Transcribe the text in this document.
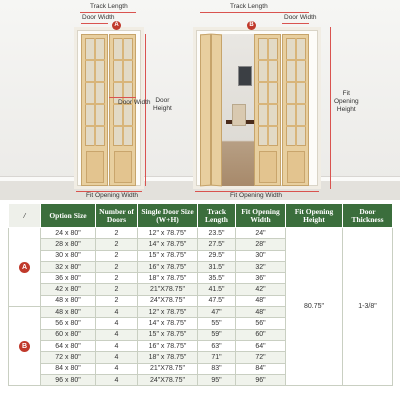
Track Length
Door Width
A
Door
Height
Door Width
Fit Opening Width
Track Length
Door Width
B
Fit
Opening
Height
Fit Opening Width
/	Option Size	Number of Doors	Single Door Size (W+H)	Track Length	Fit Opening Width	Fit Opening Height	Door Thickness
A	24 x 80"	2	12" x 78.75"	23.5"	24"	80.75"	1-3/8"
	28 x 80"	2	14" x 78.75"	27.5"	28"		
	30 x 80"	2	15" x 78.75"	29.5"	30"		
	32 x 80"	2	16" x 78.75"	31.5"	32"		
	36 x 80"	2	18" x 78.75"	35.5"	36"		
	42 x 80"	2	21"X78.75"	41.5"	42"		
	48 x 80"	2	24"X78.75"	47.5"	48"		
B	48 x 80"	4	12" x 78.75"	47"	48"		
	56 x 80"	4	14" x 78.75"	55"	56"		
	60 x 80"	4	15" x 78.75"	59"	60"		
	64 x 80"	4	16" x 78.75"	63"	64"		
	72 x 80"	4	18" x 78.75"	71"	72"		
	84 x 80"	4	21"X78.75"	83"	84"		
	96 x 80"	4	24"X78.75"	95"	96"		
